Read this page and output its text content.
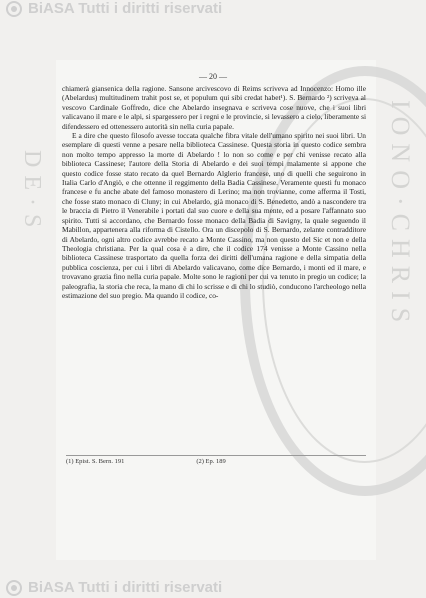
BiASA Tutti i diritti riservati
IONO·CHRIS
DE·S
— 20 —

chiamerà giansenica della ragione. Sansone arcivescovo di Reims scriveva ad Innocenzo: Homo ille (Abelardus) multitudinem trahit post se, et populum qui sibi credat habet¹). S. Bernardo ²) scriveva al vescovo Cardinale Goffredo, dice che Abelardo insegnava e scriveva cose nuove, che i suoi libri valicavano il mare e le alpi, si spargessero per i regni e le provincie, si levassero a cielo, liberamente si difendessero ed ottenessero autorità sin nella curia papale.

E a dire che questo filosofo avesse toccata qualche fibra vitale dell'umano spirito nei suoi libri. Un esemplare di questi venne a pesare nella biblioteca Cassinese. Questa storia in questo codice sembra non molto tempo appresso la morte di Abelardo ! lo non so come e per chi venisse recato alla biblioteca Cassinese; l'autore della Storia di Abelardo e dei suoi tempi malamente si appone che questo codice fosse stato recato da quel Bernardo Alglerio francese, uno di quelli che seguirono in Italia Carlo d'Angiò, e che ottenne il reggimento della Badia Cassinese. Veramente questi fu monaco francese e fu anche abate del famoso monastero di Lerino; ma non trovianne, come afferma il Tosti, che fosse stato monaco di Cluny; in cui Abelardo, già monaco di S. Benedetto, andò a nascondere tra le braccia di Pietro il Venerabile i portati dal suo cuore e della sua mente, ed a posare l'affannato suo spirito. Tutti si accordano, che Bernardo fosse monaco della Badia di Savigny, la quale seguendo il Mabillon, appartenera alla riforma di Cistello. Ora un discepolo di S. Bernardo, zelante contradditore di Abelardo, ogni altro codice avrebbe recato a Monte Cassino, ma non questo del Sic et non e della Theologia christiana. Per la qual cosa è a dire, che il codice 174 venisse a Monte Cassino nella biblioteca Cassinese trasportato da quella forza dei diritti dell'umana ragione e della simpatia della pubblica coscienza, per cui i libri di Abelardo valicavano, come dice Bernardo, i monti ed il mare, e trovavano grazia fino nella curia papale. Molte sono le ragioni per cui va tenuto in pregio un codice; la paleografia, la storia che reca, la mano di chi lo scrisse e di chi lo studiò, conducono l'archeologo nella estimazione del suo pregio. Ma quando il codice, co-

(1) Epist. S. Bern. 191	(2) Ep. 189
BiASA Tutti i diritti riservati
